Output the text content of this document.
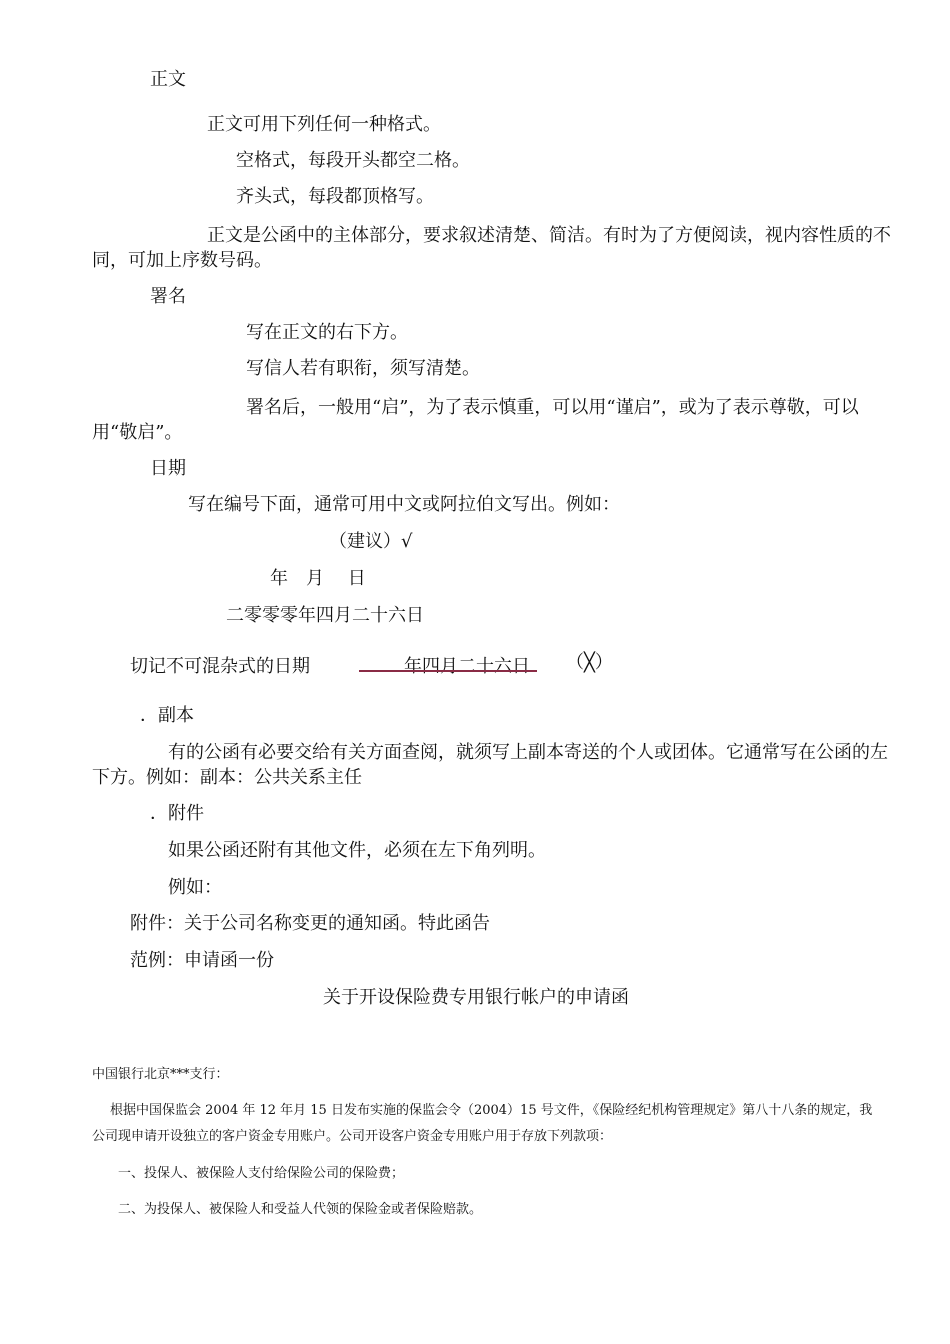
正文
正文可用下列任何一种格式。
空格式，每段开头都空二格。
齐头式，每段都顶格写。
正文是公函中的主体部分，要求叙述清楚、简洁。有时为了方便阅读，视内容性质的不同，可加上序数号码。
署名
写在正文的右下方。
写信人若有职衔，须写清楚。
署名后，一般用“启”，为了表示慎重，可以用“谨启”，或为了表示尊敬，可以用“敬启”。
日期
写在编号下面，通常可用中文或阿拉伯文写出。例如：
（建议）√
年　月　 日
二零零零年四月二十六日
切记不可混杂式的日期	年四月二十六日 （╳）
．副本
有的公函有必要交给有关方面查阅，就须写上副本寄送的个人或团体。它通常写在公函的左下方。例如：副本：公共关系主任
．附件
如果公函还附有其他文件，必须在左下角列明。
例如：
附件：关于公司名称变更的通知函。特此函告
范例：申请函一份
关于开设保险费专用银行帐户的申请函
中国银行北京***支行：
根据中国保监会 2004 年 12 年月 15 日发布实施的保监会令（2004）15 号文件，《保险经纪机构管理规定》第八十八条的规定，我公司现申请开设独立的客户资金专用账户。公司开设客户资金专用账户用于存放下列款项：
一、投保人、被保险人支付给保险公司的保险费；
二、为投保人、被保险人和受益人代领的保险金或者保险赔款。
